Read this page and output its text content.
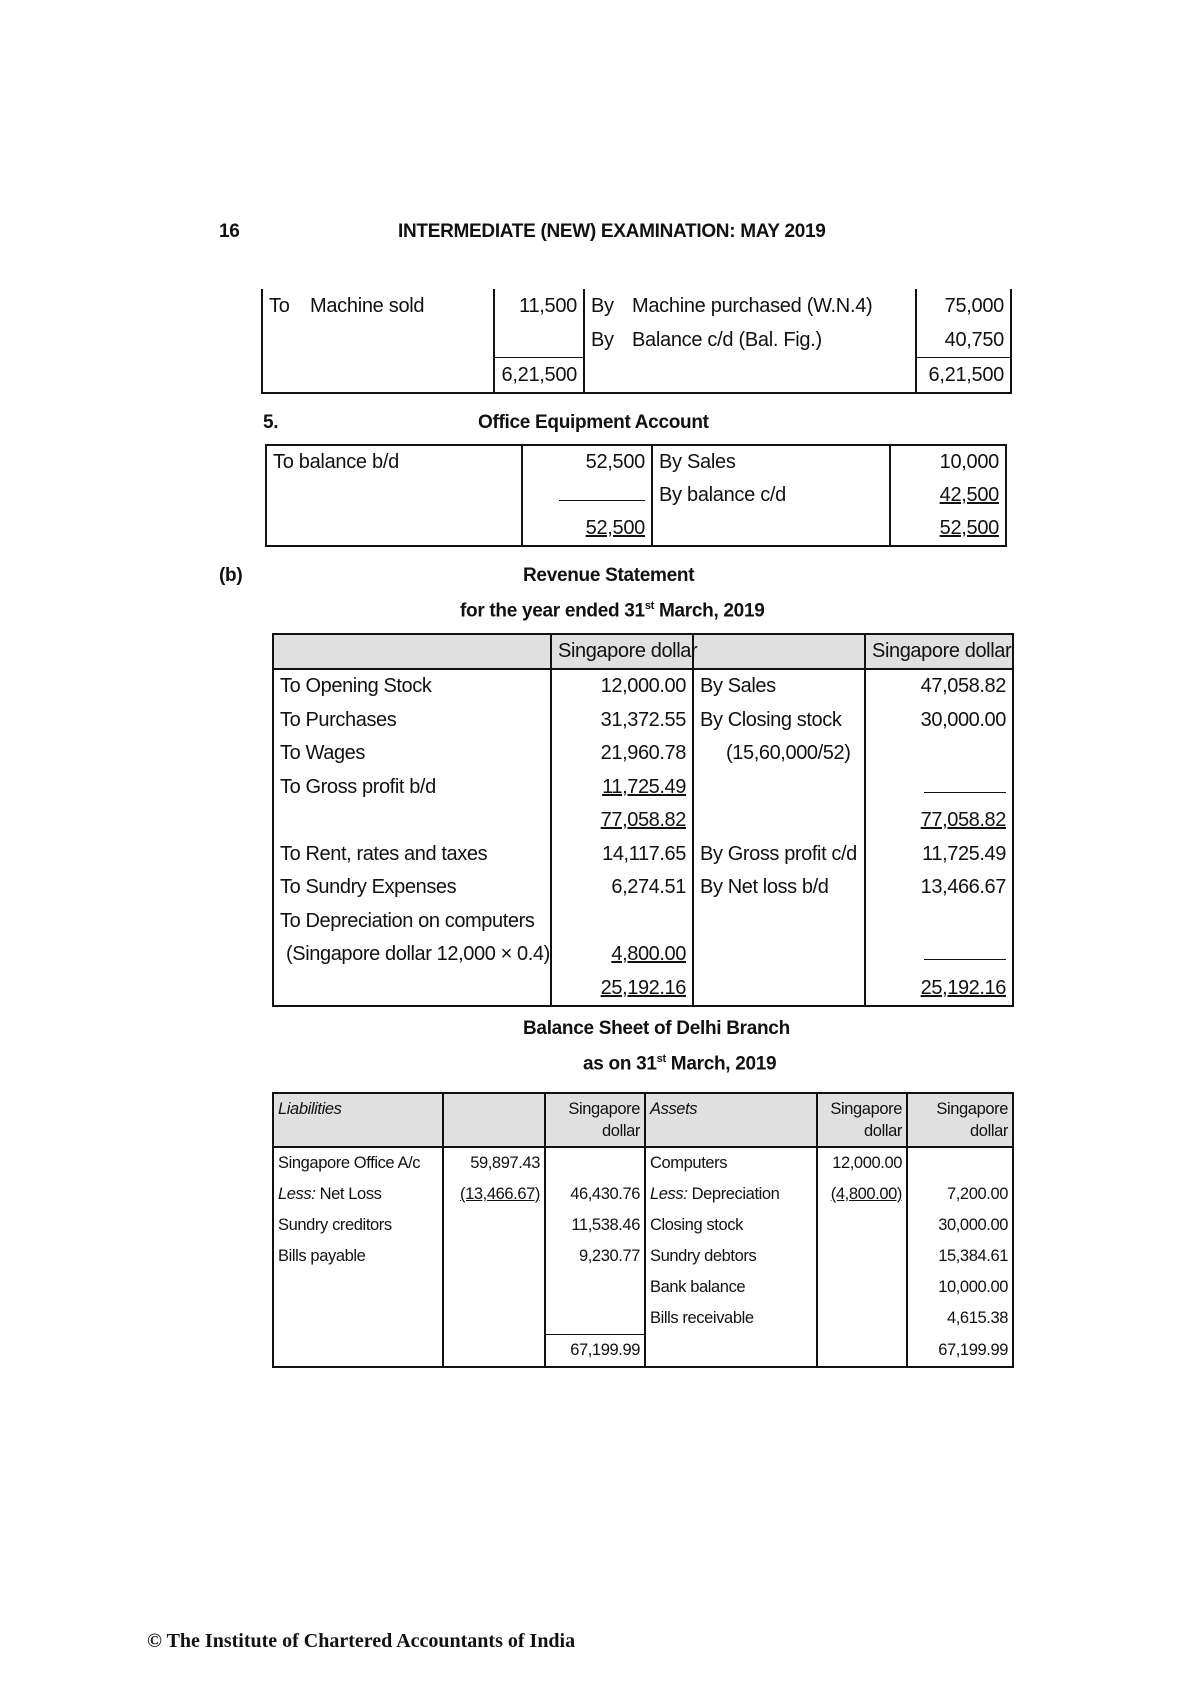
16	INTERMEDIATE (NEW) EXAMINATION: MAY 2019
To	Machine sold	11,500	By	Machine purchased (W.N.4)	75,000
			By	Balance c/d (Bal. Fig.)	40,750
		6,21,500			6,21,500
5.	Office Equipment Account
To balance b/d	52,500	By Sales	10,000
		By balance c/d	42,500
	52,500		52,500
(b)	Revenue Statement
for the year ended 31st March, 2019
	Singapore dollar		Singapore dollar
To Opening Stock	12,000.00	By Sales	47,058.82
To Purchases	31,372.55	By Closing stock	30,000.00
To Wages	21,960.78	(15,60,000/52)	
To Gross profit b/d	11,725.49		
	77,058.82		77,058.82
To Rent, rates and taxes	14,117.65	By Gross profit c/d	11,725.49
To Sundry Expenses	6,274.51	By Net loss b/d	13,466.67
To Depreciation on computers			
(Singapore dollar 12,000 × 0.4)	4,800.00		
	25,192.16		25,192.16
Balance Sheet of Delhi Branch
as on 31st March, 2019
Liabilities		Singapore dollar	Assets	Singapore dollar	Singapore dollar
Singapore Office A/c	59,897.43		Computers	12,000.00	
Less: Net Loss	(13,466.67)	46,430.76	Less: Depreciation	(4,800.00)	7,200.00
Sundry creditors		11,538.46	Closing stock		30,000.00
Bills payable		9,230.77	Sundry debtors		15,384.61
			Bank balance		10,000.00
			Bills receivable		4,615.38
		67,199.99			67,199.99
© The Institute of Chartered Accountants of India
